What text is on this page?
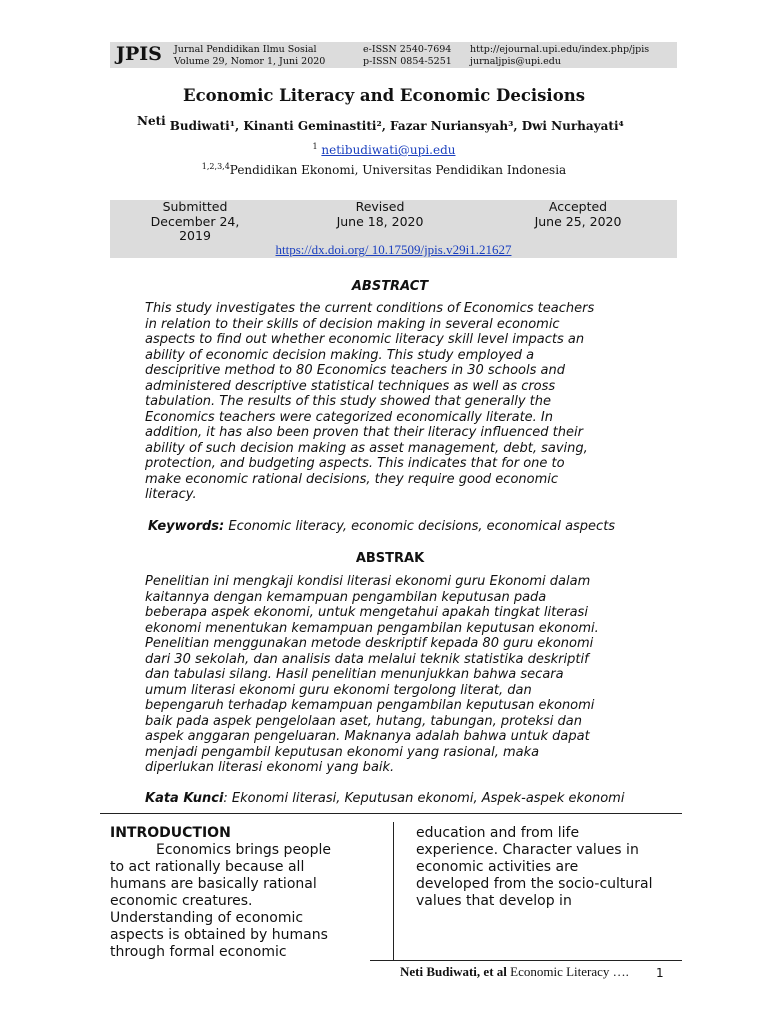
JPIS Jurnal Pendidikan Ilmu Sosial
Volume 29, Nomor 1, Juni 2020
e-ISSN 2540-7694
p-ISSN 0854-5251
http://ejournal.upi.edu/index.php/jpis
jurnaljpis@upi.edu
Economic Literacy and Economic Decisions
Neti Budiwati¹, Kinanti Geminastiti², Fazar Nuriansyah³, Dwi Nurhayati⁴
$^1$ netibudiwati@upi.edu
$^{1,2,3,4}$Pendidikan Ekonomi, Universitas Pendidikan Indonesia
Submitted
December 24,
2019
Revised
June 18, 2020
Accepted
June 25, 2020
https://dx.doi.org/ 10.17509/jpis.v29i1.21627
ABSTRACT
This study investigates the current conditions of Economics teachers
in relation to their skills of decision making in several economic
aspects to find out whether economic literacy skill level impacts an
ability of economic decision making. This study employed a
descipritive method to 80 Economics teachers in 30 schools and
administered descriptive statistical techniques as well as cross
tabulation. The results of this study showed that generally the
Economics teachers were categorized economically literate. In
addition, it has also been proven that their literacy influenced their
ability of such decision making as asset management, debt, saving,
protection, and budgeting aspects. This indicates that for one to
make economic rational decisions, they require good economic
literacy.
Keywords: Economic literacy, economic decisions, economical aspects
ABSTRAK
Penelitian ini mengkaji kondisi literasi ekonomi guru Ekonomi dalam
kaitannya dengan kemampuan pengambilan keputusan pada
beberapa aspek ekonomi, untuk mengetahui apakah tingkat literasi
ekonomi menentukan kemampuan pengambilan keputusan ekonomi.
Penelitian menggunakan metode deskriptif kepada 80 guru ekonomi
dari 30 sekolah, dan analisis data melalui teknik statistika deskriptif
dan tabulasi silang. Hasil penelitian menunjukkan bahwa secara
umum literasi ekonomi guru ekonomi tergolong literat, dan
bepengaruh terhadap kemampuan pengambilan keputusan ekonomi
baik pada aspek pengelolaan aset, hutang, tabungan, proteksi dan
aspek anggaran pengeluaran. Maknanya adalah bahwa untuk dapat
menjadi pengambil keputusan ekonomi yang rasional, maka
diperlukan literasi ekonomi yang baik.
Kata Kunci: Ekonomi literasi, Keputusan ekonomi, Aspek-aspek ekonomi
INTRODUCTION
Economics brings people
to act rationally because all
humans are basically rational
economic creatures.
Understanding of economic
aspects is obtained by humans
through formal economic
education and from life
experience. Character values in
economic activities are
developed from the socio-cultural
values that develop in
Neti Budiwati, et al Economic Literacy …. 1
